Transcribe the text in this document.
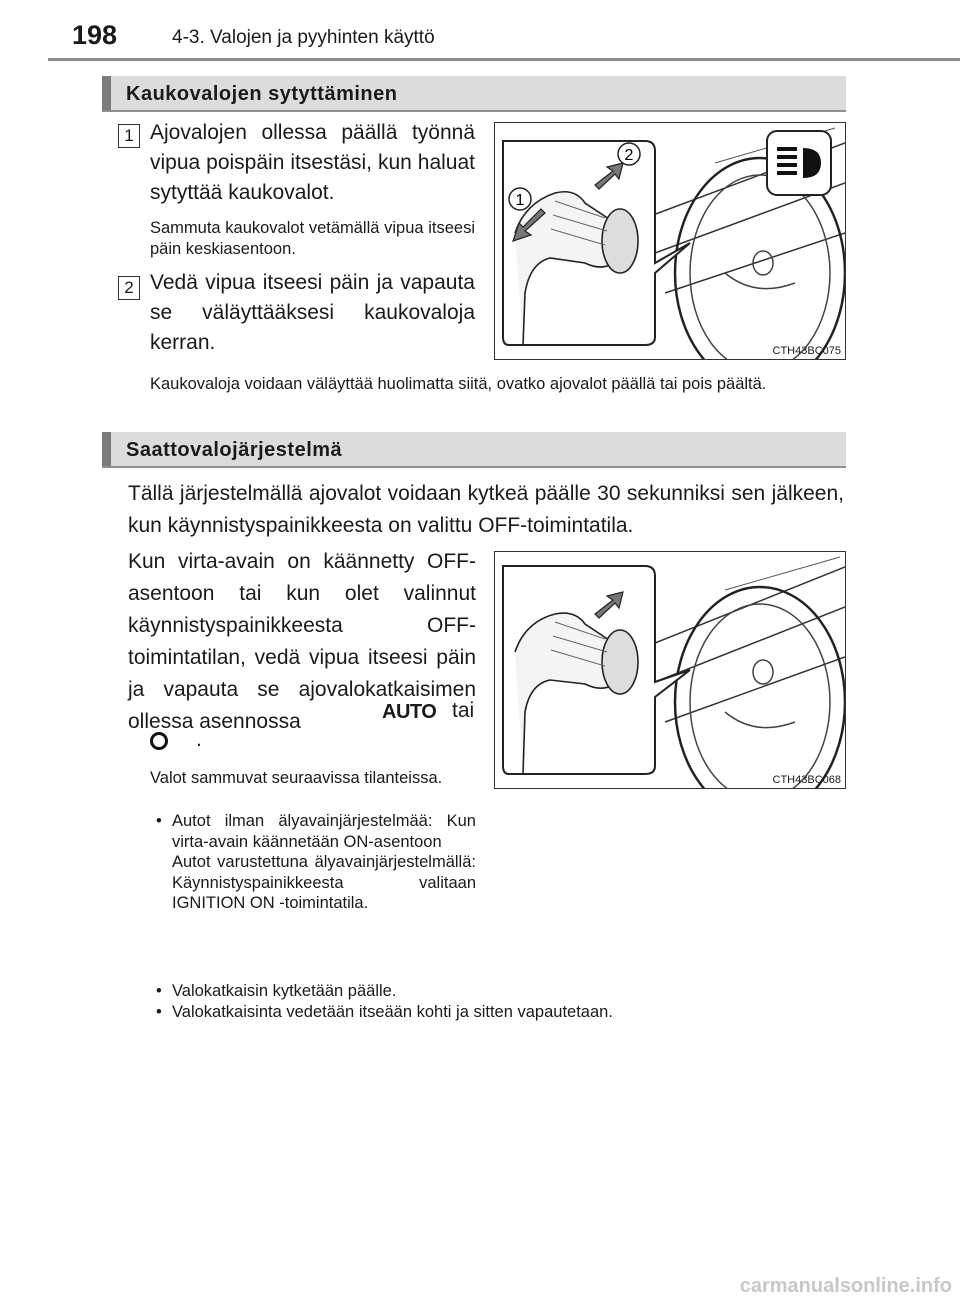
198	4-3. Valojen ja pyyhinten käyttö
Kaukovalojen sytyttäminen
1 Ajovalojen ollessa päällä työnnä vipua poispäin itsestäsi, kun haluat sytyttää kaukovalot.
Sammuta kaukovalot vetämällä vipua itseesi päin keskiasentoon.
2 Vedä vipua itseesi päin ja vapauta se väläyttääksesi kaukovaloja kerran.
Kaukovaloja voidaan väläyttää huolimatta siitä, ovatko ajovalot päällä tai pois päältä.
2
1
CTH43BC075
Saattovalojärjestelmä
Tällä järjestelmällä ajovalot voidaan kytkeä päälle 30 sekunniksi sen jälkeen, kun käynnistyspainikkeesta on valittu OFF-toimintatila.
Kun virta-avain on käännetty OFF-asentoon tai kun olet valinnut käynnistyspainikkeesta OFF-toimintatilan, vedä vipua itseesi päin ja vapauta se ajovalokatkaisimen ollessa asennossa	AUTO tai
.
Valot sammuvat seuraavissa tilanteissa.
• Autot ilman älyavainjärjestelmää: Kun virta-avain käännetään ON-asentoon
Autot varustettuna älyavainjärjestelmällä: Käynnistyspainikkeesta valitaan IGNITION ON -toimintatila.
• Valokatkaisin kytketään päälle.
• Valokatkaisinta vedetään itseään kohti ja sitten vapautetaan.
CTH43BC068
carmanualsonline.info
